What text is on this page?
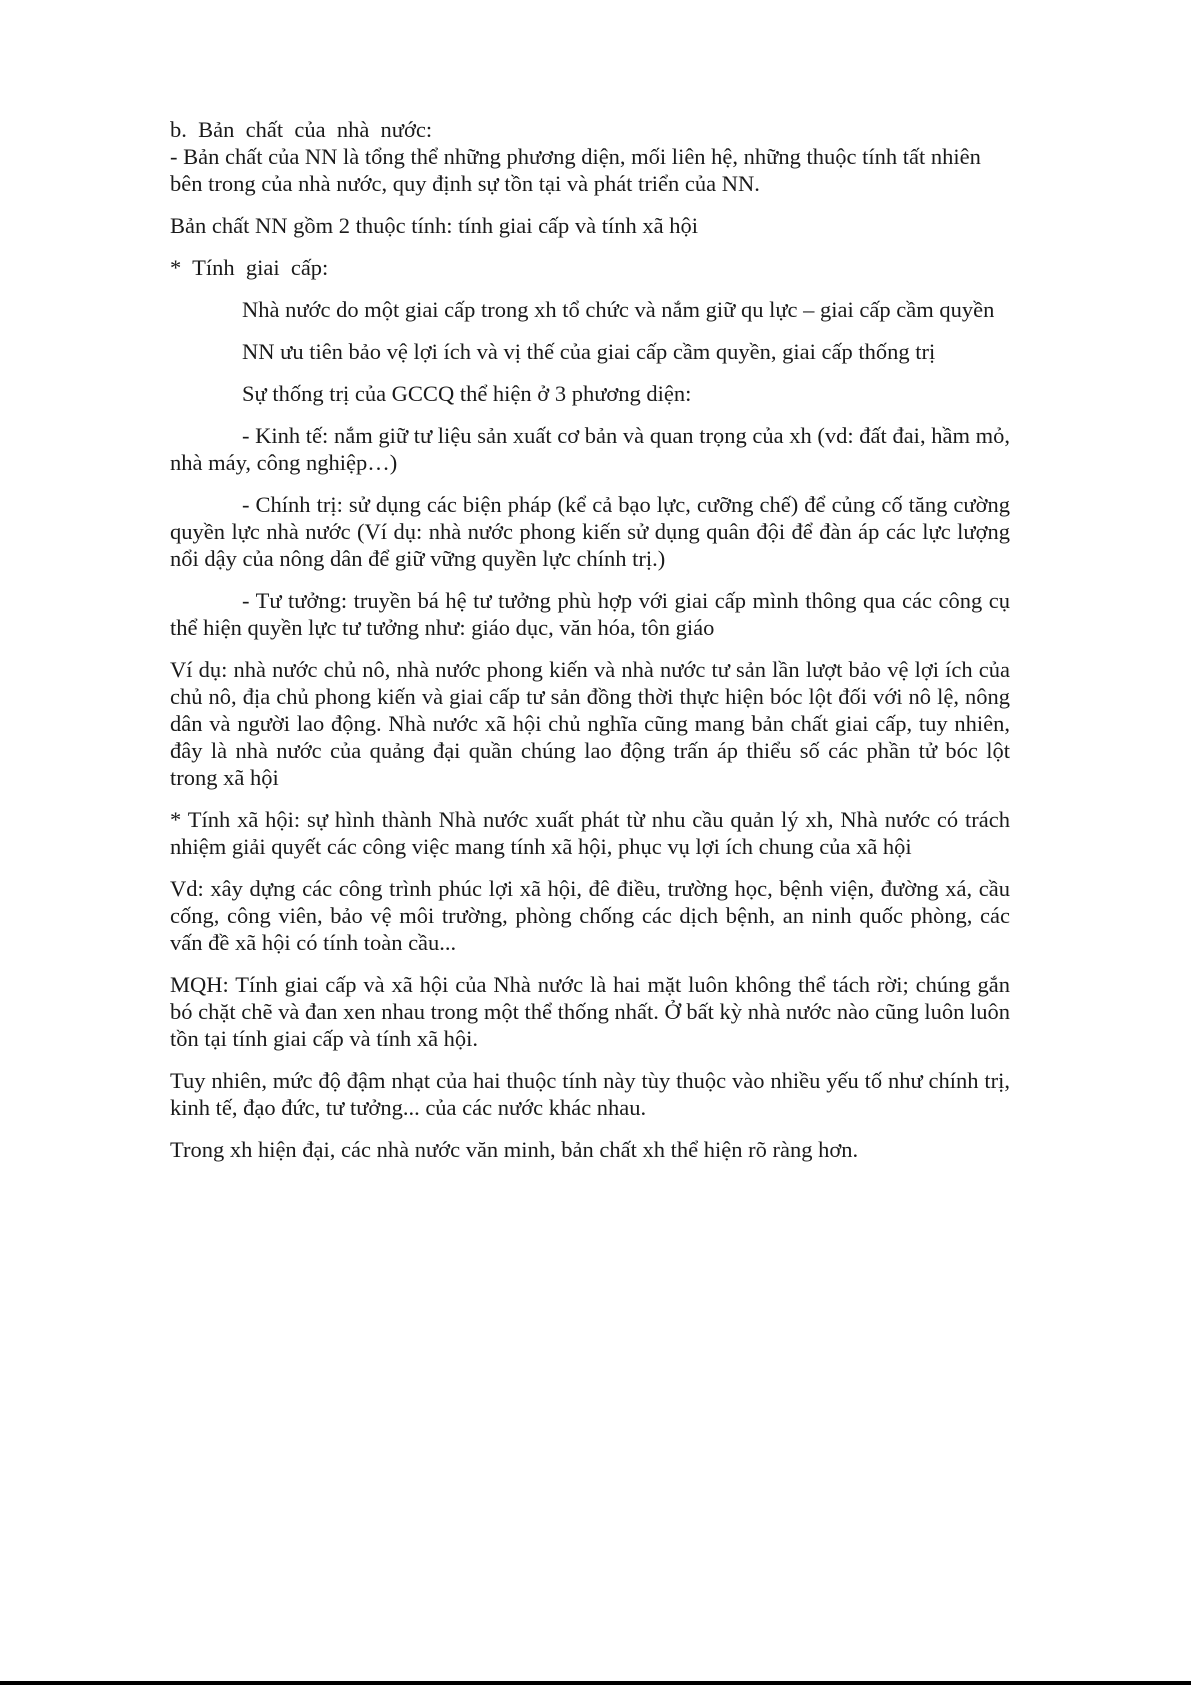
b.  Bản  chất  của  nhà  nước:

- Bản chất của NN là tổng thể những phương diện, mối liên hệ, những thuộc tính tất nhiên bên trong của nhà nước, quy định sự tồn tại và phát triển của NN.

Bản chất NN gồm 2 thuộc tính: tính giai cấp và tính xã hội

*  Tính  giai  cấp:

Nhà nước do một giai cấp trong xh tổ chức và nắm giữ qu lực – giai cấp cầm quyền

NN ưu tiên bảo vệ lợi ích và vị thế của giai cấp cầm quyền, giai cấp thống trị

Sự thống trị của GCCQ thể hiện ở 3 phương diện:

- Kinh tế: nắm giữ tư liệu sản xuất cơ bản và quan trọng của xh (vd: đất đai, hầm mỏ, nhà máy, công nghiệp…)

- Chính trị: sử dụng các biện pháp (kể cả bạo lực, cưỡng chế) để củng cố tăng cường quyền lực nhà nước (Ví dụ: nhà nước phong kiến sử dụng quân đội để đàn áp các lực lượng nổi dậy của nông dân để giữ vững quyền lực chính trị.)

- Tư tưởng: truyền bá hệ tư tưởng phù hợp với giai cấp mình thông qua các công cụ thể hiện quyền lực tư tưởng như: giáo dục, văn hóa, tôn giáo

Ví dụ: nhà nước chủ nô, nhà nước phong kiến và nhà nước tư sản lần lượt bảo vệ lợi ích của chủ nô, địa chủ phong kiến và giai cấp tư sản đồng thời thực hiện bóc lột đối với nô lệ, nông dân và người lao động. Nhà nước xã hội chủ nghĩa cũng mang bản chất giai cấp, tuy nhiên, đây là nhà nước của quảng đại quần chúng lao động trấn áp thiểu số các phần tử bóc lột trong xã hội

* Tính xã hội: sự hình thành Nhà nước xuất phát từ nhu cầu quản lý xh, Nhà nước có trách nhiệm giải quyết các công việc mang tính xã hội, phục vụ lợi ích chung của xã hội

Vd: xây dựng các công trình phúc lợi xã hội, đê điều, trường học, bệnh viện, đường xá, cầu cống, công viên, bảo vệ môi trường, phòng chống các dịch bệnh, an ninh quốc phòng, các vấn đề xã hội có tính toàn cầu...

MQH: Tính giai cấp và xã hội của Nhà nước là hai mặt luôn không thể tách rời; chúng gắn bó chặt chẽ và đan xen nhau trong một thể thống nhất. Ở bất kỳ nhà nước nào cũng luôn luôn tồn tại tính giai cấp và tính xã hội.

Tuy nhiên, mức độ đậm nhạt của hai thuộc tính này tùy thuộc vào nhiều yếu tố như chính trị, kinh tế, đạo đức, tư tưởng... của các nước khác nhau.

Trong xh hiện đại, các nhà nước văn minh, bản chất xh thể hiện rõ ràng hơn.
